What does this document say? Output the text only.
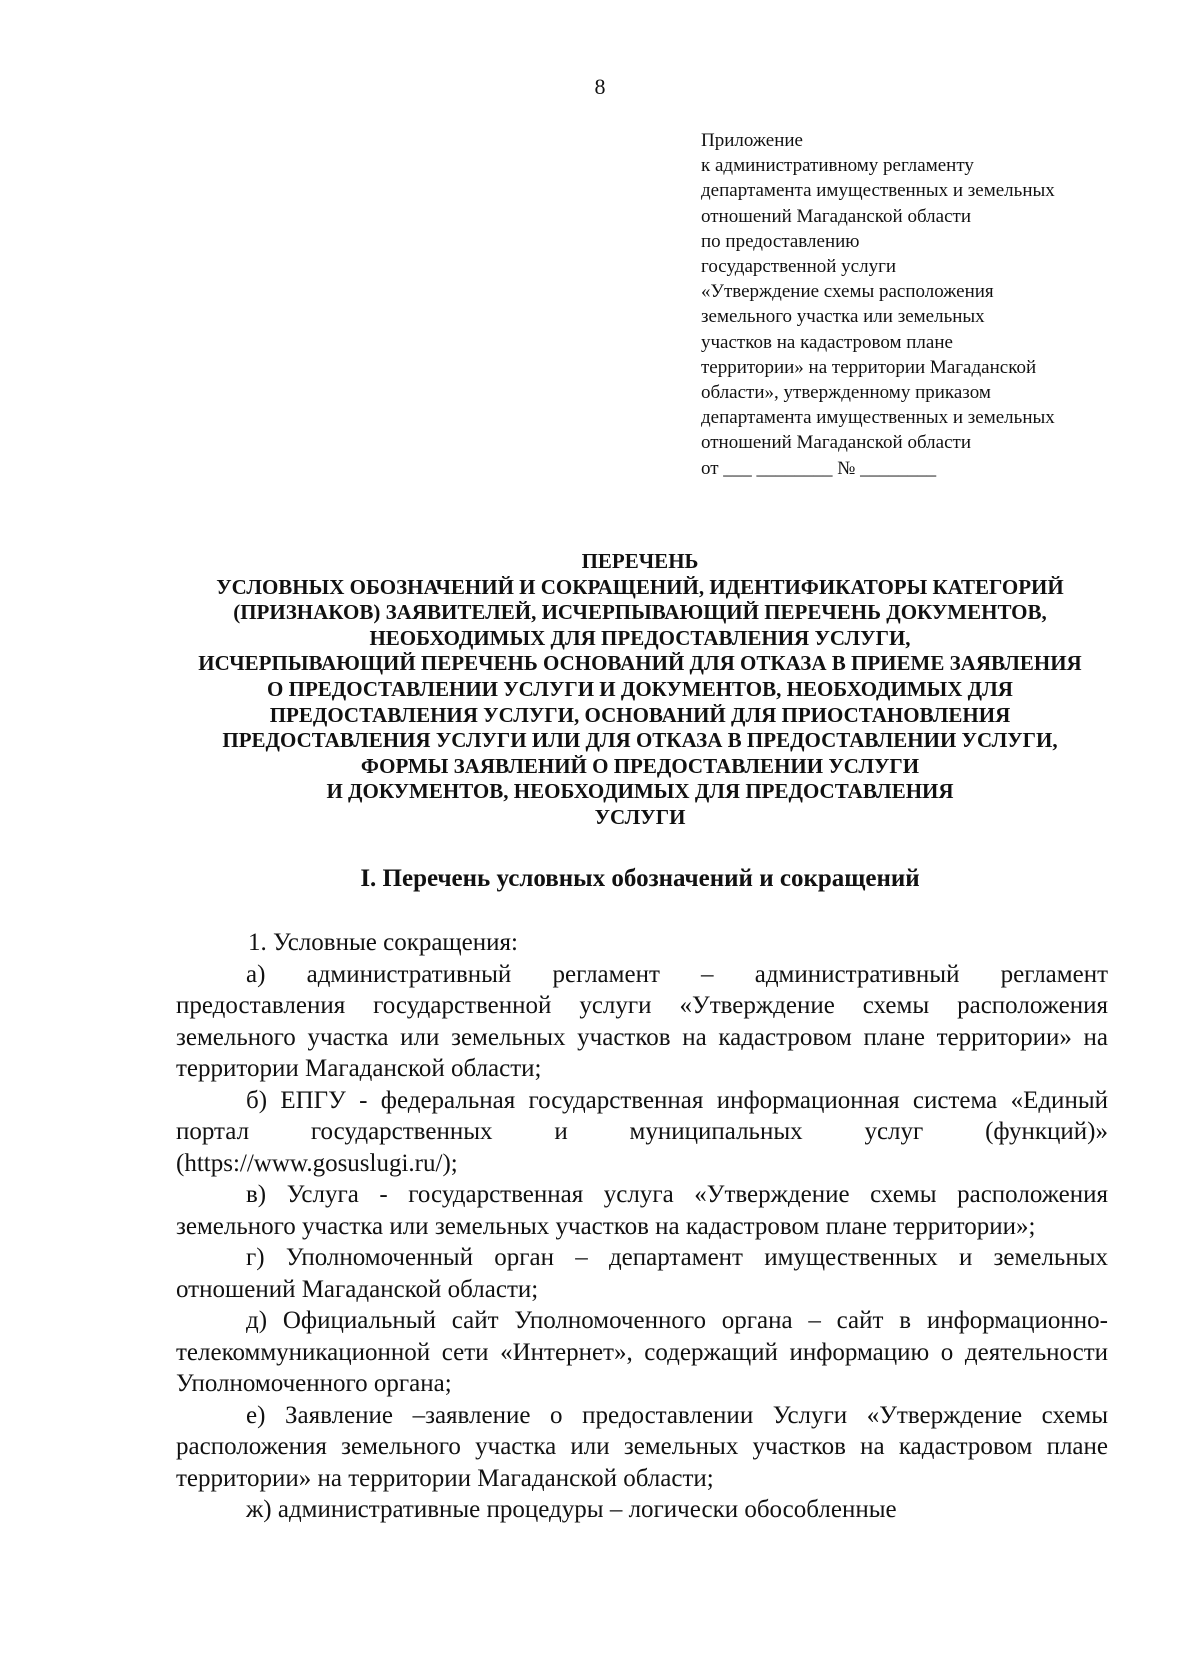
8
Приложение
к административному регламенту
департамента имущественных и земельных
отношений Магаданской области
по предоставлению
государственной услуги
«Утверждение схемы расположения
земельного участка или земельных
участков на кадастровом плане
территории» на территории Магаданской
области», утвержденному приказом
департамента имущественных и земельных
отношений Магаданской области
от ___ ________ № ________
ПЕРЕЧЕНЬ
УСЛОВНЫХ ОБОЗНАЧЕНИЙ И СОКРАЩЕНИЙ, ИДЕНТИФИКАТОРЫ КАТЕГОРИЙ
(ПРИЗНАКОВ) ЗАЯВИТЕЛЕЙ, ИСЧЕРПЫВАЮЩИЙ ПЕРЕЧЕНЬ ДОКУМЕНТОВ,
НЕОБХОДИМЫХ ДЛЯ ПРЕДОСТАВЛЕНИЯ УСЛУГИ,
ИСЧЕРПЫВАЮЩИЙ ПЕРЕЧЕНЬ ОСНОВАНИЙ ДЛЯ ОТКАЗА В ПРИЕМЕ ЗАЯВЛЕНИЯ
О ПРЕДОСТАВЛЕНИИ УСЛУГИ И ДОКУМЕНТОВ, НЕОБХОДИМЫХ ДЛЯ
ПРЕДОСТАВЛЕНИЯ УСЛУГИ, ОСНОВАНИЙ ДЛЯ ПРИОСТАНОВЛЕНИЯ
ПРЕДОСТАВЛЕНИЯ УСЛУГИ ИЛИ ДЛЯ ОТКАЗА В ПРЕДОСТАВЛЕНИИ УСЛУГИ,
ФОРМЫ ЗАЯВЛЕНИЙ О ПРЕДОСТАВЛЕНИИ УСЛУГИ
И ДОКУМЕНТОВ, НЕОБХОДИМЫХ ДЛЯ ПРЕДОСТАВЛЕНИЯ
УСЛУГИ
I. Перечень условных обозначений и сокращений

1. Условные сокращения:

а) административный регламент – административный регламент предоставления государственной услуги «Утверждение схемы расположения земельного участка или земельных участков на кадастровом плане территории» на территории Магаданской области;

б) ЕПГУ - федеральная государственная информационная система «Единый портал государственных и муниципальных услуг (функций)» (https://www.gosuslugi.ru/);

в) Услуга - государственная услуга «Утверждение схемы расположения земельного участка или земельных участков на кадастровом плане территории»;

г) Уполномоченный орган – департамент имущественных и земельных отношений Магаданской области;

д) Официальный сайт Уполномоченного органа – сайт в информационно-телекоммуникационной сети «Интернет», содержащий информацию о деятельности Уполномоченного органа;

е) Заявление –заявление о предоставлении Услуги «Утверждение схемы расположения земельного участка или земельных участков на кадастровом плане территории» на территории Магаданской области;

ж) административные процедуры – логически обособленные
